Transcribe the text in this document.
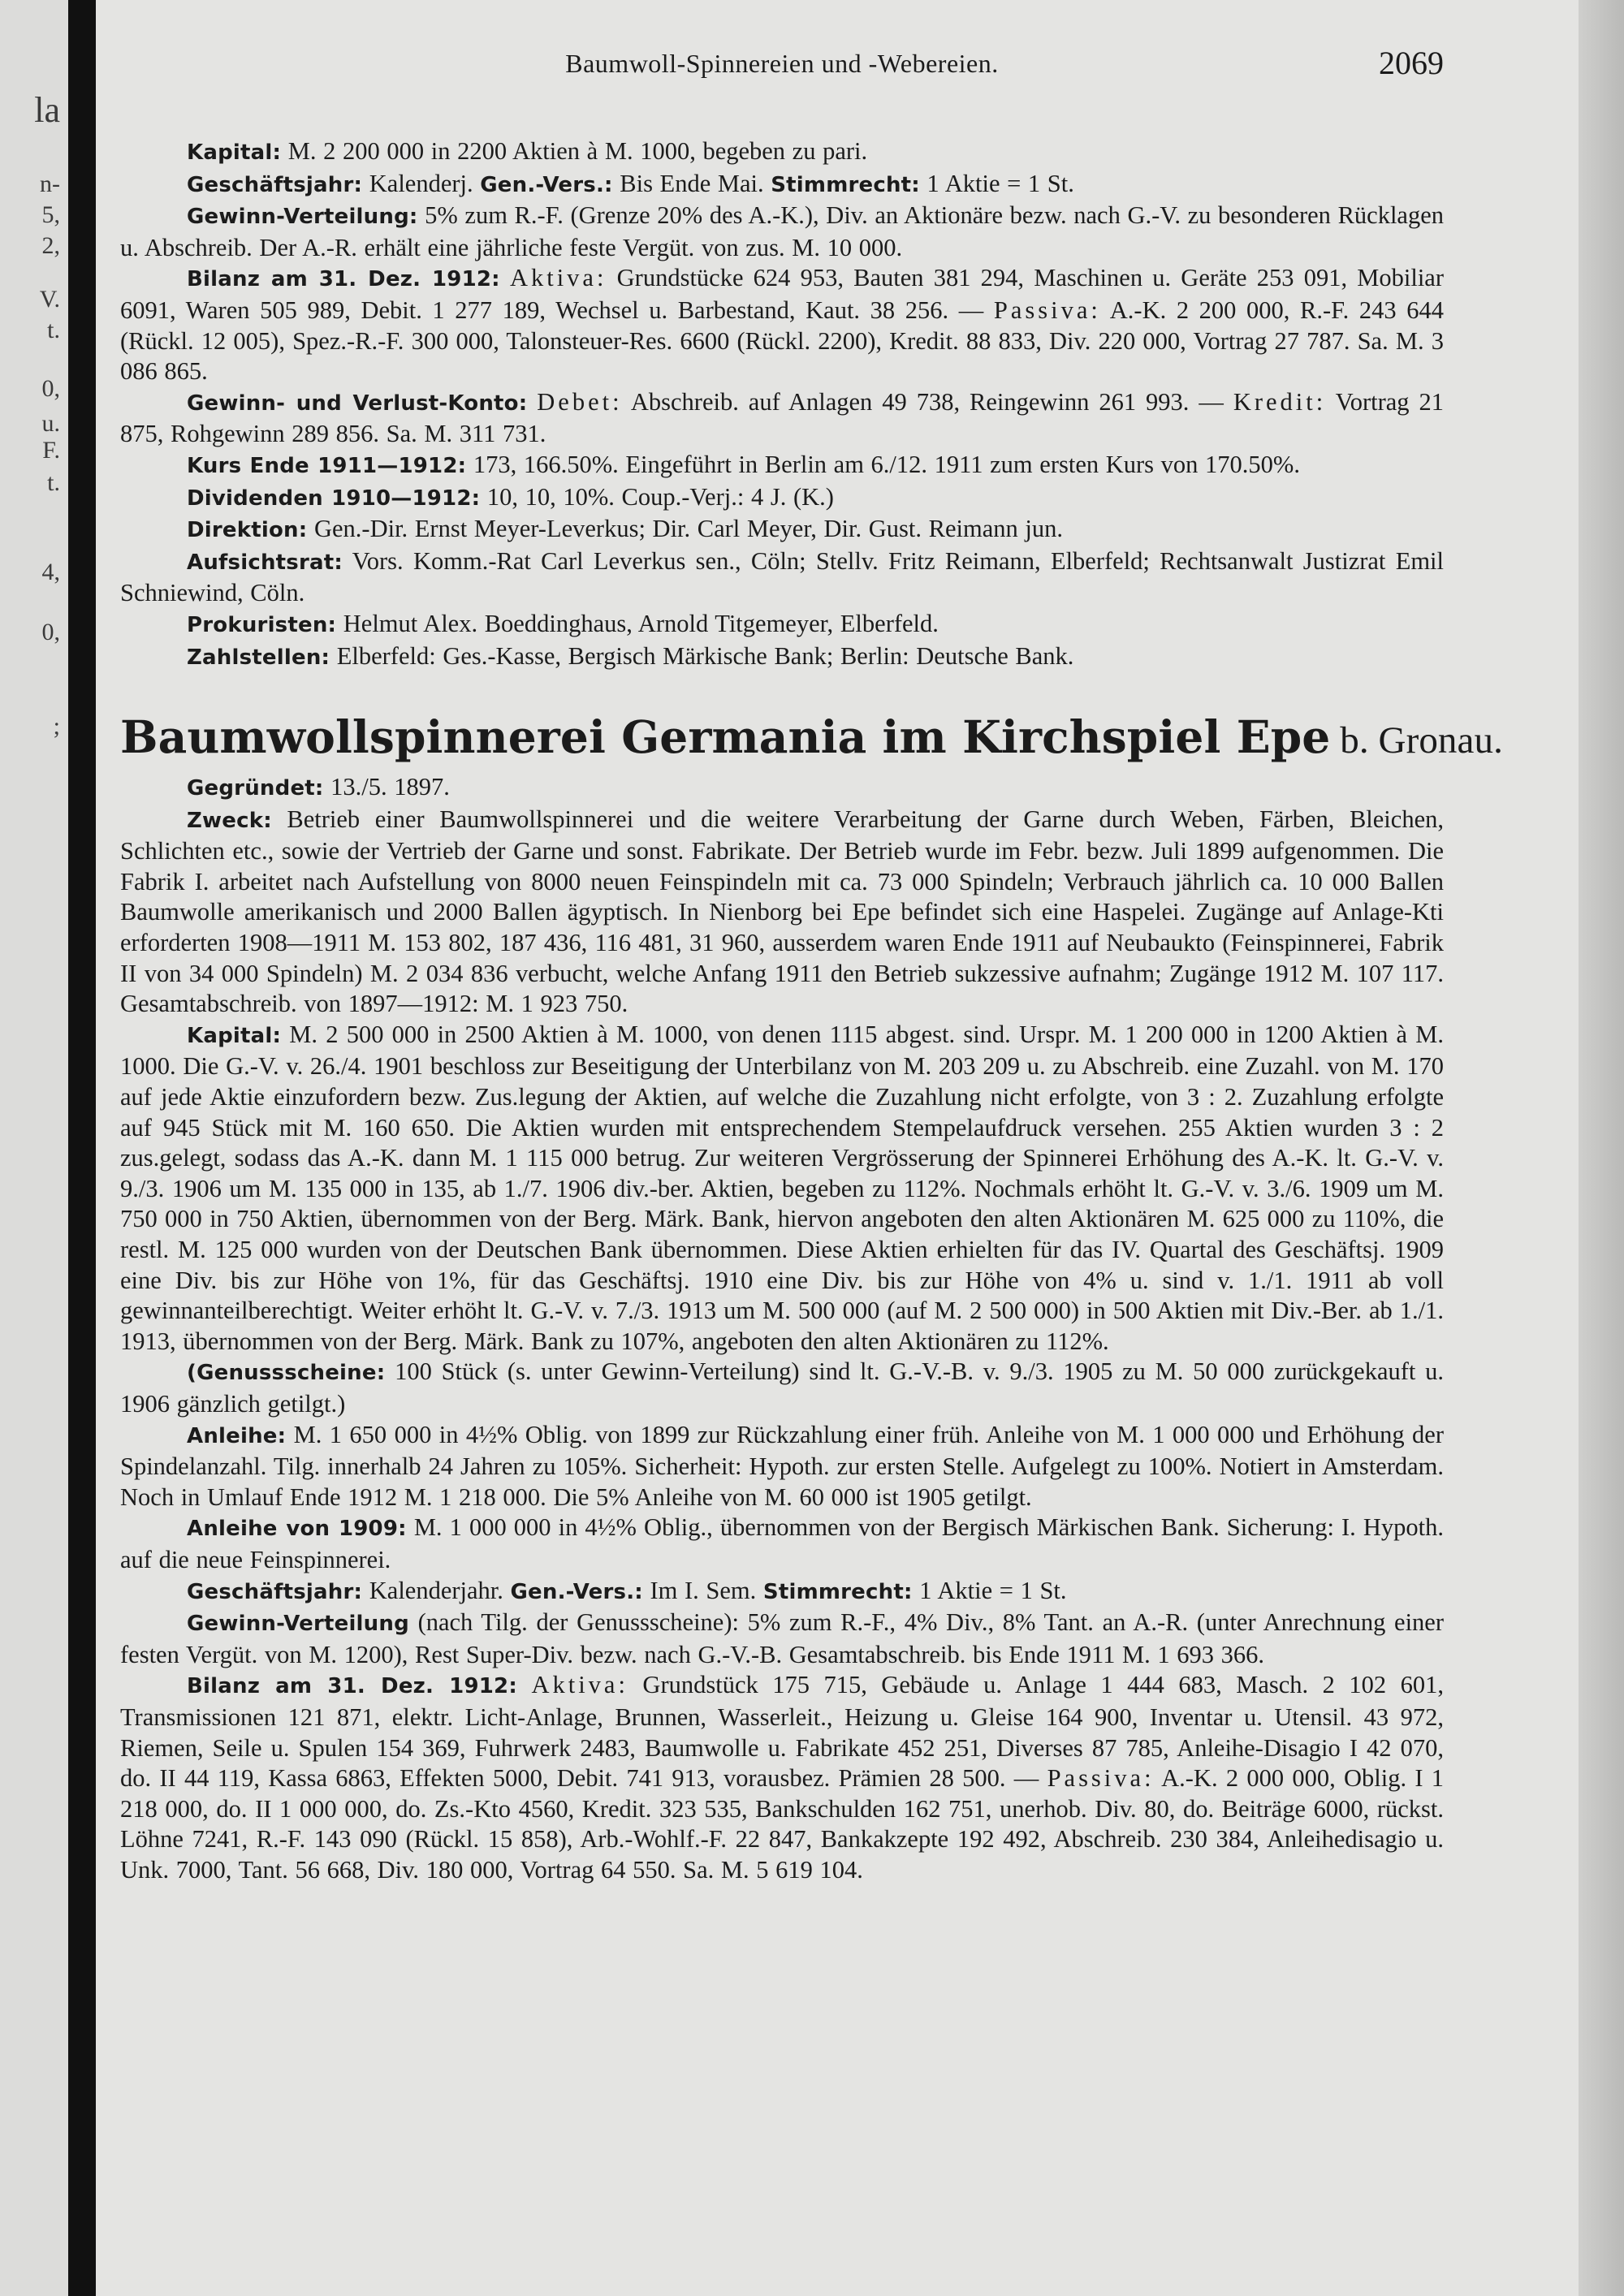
la
n-
5,
2,
V.
t.
0,
u.
F.
t.
4,
0,
;
Baumwoll-Spinnereien und -Webereien.	2069

Kapital: M. 2 200 000 in 2200 Aktien à M. 1000, begeben zu pari.

Geschäftsjahr: Kalenderj. Gen.-Vers.: Bis Ende Mai. Stimmrecht: 1 Aktie = 1 St.

Gewinn-Verteilung: 5% zum R.-F. (Grenze 20% des A.-K.), Div. an Aktionäre bezw. nach G.-V. zu besonderen Rücklagen u. Abschreib. Der A.-R. erhält eine jährliche feste Vergüt. von zus. M. 10 000.

Bilanz am 31. Dez. 1912: Aktiva: Grundstücke 624 953, Bauten 381 294, Maschinen u. Geräte 253 091, Mobiliar 6091, Waren 505 989, Debit. 1 277 189, Wechsel u. Barbestand, Kaut. 38 256. — Passiva: A.-K. 2 200 000, R.-F. 243 644 (Rückl. 12 005), Spez.-R.-F. 300 000, Talonsteuer-Res. 6600 (Rückl. 2200), Kredit. 88 833, Div. 220 000, Vortrag 27 787. Sa. M. 3 086 865.

Gewinn- und Verlust-Konto: Debet: Abschreib. auf Anlagen 49 738, Reingewinn 261 993. — Kredit: Vortrag 21 875, Rohgewinn 289 856. Sa. M. 311 731.

Kurs Ende 1911—1912: 173, 166.50%. Eingeführt in Berlin am 6./12. 1911 zum ersten Kurs von 170.50%.

Dividenden 1910—1912: 10, 10, 10%. Coup.-Verj.: 4 J. (K.)

Direktion: Gen.-Dir. Ernst Meyer-Leverkus; Dir. Carl Meyer, Dir. Gust. Reimann jun.

Aufsichtsrat: Vors. Komm.-Rat Carl Leverkus sen., Cöln; Stellv. Fritz Reimann, Elberfeld; Rechtsanwalt Justizrat Emil Schniewind, Cöln.

Prokuristen: Helmut Alex. Boeddinghaus, Arnold Titgemeyer, Elberfeld.

Zahlstellen: Elberfeld: Ges.-Kasse, Bergisch Märkische Bank; Berlin: Deutsche Bank.

Baumwollspinnerei Germania im Kirchspiel Epe b. Gronau.

Gegründet: 13./5. 1897.

Zweck: Betrieb einer Baumwollspinnerei und die weitere Verarbeitung der Garne durch Weben, Färben, Bleichen, Schlichten etc., sowie der Vertrieb der Garne und sonst. Fabrikate. Der Betrieb wurde im Febr. bezw. Juli 1899 aufgenommen. Die Fabrik I. arbeitet nach Aufstellung von 8000 neuen Feinspindeln mit ca. 73 000 Spindeln; Verbrauch jährlich ca. 10 000 Ballen Baumwolle amerikanisch und 2000 Ballen ägyptisch. In Nienborg bei Epe befindet sich eine Haspelei. Zugänge auf Anlage-Kti erforderten 1908—1911 M. 153 802, 187 436, 116 481, 31 960, ausserdem waren Ende 1911 auf Neubaukto (Feinspinnerei, Fabrik II von 34 000 Spindeln) M. 2 034 836 verbucht, welche Anfang 1911 den Betrieb sukzessive aufnahm; Zugänge 1912 M. 107 117. Gesamtabschreib. von 1897—1912: M. 1 923 750.

Kapital: M. 2 500 000 in 2500 Aktien à M. 1000, von denen 1115 abgest. sind. Urspr. M. 1 200 000 in 1200 Aktien à M. 1000. Die G.-V. v. 26./4. 1901 beschloss zur Beseitigung der Unterbilanz von M. 203 209 u. zu Abschreib. eine Zuzahl. von M. 170 auf jede Aktie einzufordern bezw. Zus.legung der Aktien, auf welche die Zuzahlung nicht erfolgte, von 3 : 2. Zuzahlung erfolgte auf 945 Stück mit M. 160 650. Die Aktien wurden mit entsprechendem Stempelaufdruck versehen. 255 Aktien wurden 3 : 2 zus.gelegt, sodass das A.-K. dann M. 1 115 000 betrug. Zur weiteren Vergrösserung der Spinnerei Erhöhung des A.-K. lt. G.-V. v. 9./3. 1906 um M. 135 000 in 135, ab 1./7. 1906 div.-ber. Aktien, begeben zu 112%. Nochmals erhöht lt. G.-V. v. 3./6. 1909 um M. 750 000 in 750 Aktien, übernommen von der Berg. Märk. Bank, hiervon angeboten den alten Aktionären M. 625 000 zu 110%, die restl. M. 125 000 wurden von der Deutschen Bank übernommen. Diese Aktien erhielten für das IV. Quartal des Geschäftsj. 1909 eine Div. bis zur Höhe von 1%, für das Geschäftsj. 1910 eine Div. bis zur Höhe von 4% u. sind v. 1./1. 1911 ab voll gewinnanteilberechtigt. Weiter erhöht lt. G.-V. v. 7./3. 1913 um M. 500 000 (auf M. 2 500 000) in 500 Aktien mit Div.-Ber. ab 1./1. 1913, übernommen von der Berg. Märk. Bank zu 107%, angeboten den alten Aktionären zu 112%.

(Genussscheine: 100 Stück (s. unter Gewinn-Verteilung) sind lt. G.-V.-B. v. 9./3. 1905 zu M. 50 000 zurückgekauft u. 1906 gänzlich getilgt.)

Anleihe: M. 1 650 000 in 4½% Oblig. von 1899 zur Rückzahlung einer früh. Anleihe von M. 1 000 000 und Erhöhung der Spindelanzahl. Tilg. innerhalb 24 Jahren zu 105%. Sicherheit: Hypoth. zur ersten Stelle. Aufgelegt zu 100%. Notiert in Amsterdam. Noch in Umlauf Ende 1912 M. 1 218 000. Die 5% Anleihe von M. 60 000 ist 1905 getilgt.

Anleihe von 1909: M. 1 000 000 in 4½% Oblig., übernommen von der Bergisch Märkischen Bank. Sicherung: I. Hypoth. auf die neue Feinspinnerei.

Geschäftsjahr: Kalenderjahr. Gen.-Vers.: Im I. Sem. Stimmrecht: 1 Aktie = 1 St.

Gewinn-Verteilung (nach Tilg. der Genussscheine): 5% zum R.-F., 4% Div., 8% Tant. an A.-R. (unter Anrechnung einer festen Vergüt. von M. 1200), Rest Super-Div. bezw. nach G.-V.-B. Gesamtabschreib. bis Ende 1911 M. 1 693 366.

Bilanz am 31. Dez. 1912: Aktiva: Grundstück 175 715, Gebäude u. Anlage 1 444 683, Masch. 2 102 601, Transmissionen 121 871, elektr. Licht-Anlage, Brunnen, Wasserleit., Heizung u. Gleise 164 900, Inventar u. Utensil. 43 972, Riemen, Seile u. Spulen 154 369, Fuhrwerk 2483, Baumwolle u. Fabrikate 452 251, Diverses 87 785, Anleihe-Disagio I 42 070, do. II 44 119, Kassa 6863, Effekten 5000, Debit. 741 913, vorausbez. Prämien 28 500. — Passiva: A.-K. 2 000 000, Oblig. I 1 218 000, do. II 1 000 000, do. Zs.-Kto 4560, Kredit. 323 535, Bankschulden 162 751, unerhob. Div. 80, do. Beiträge 6000, rückst. Löhne 7241, R.-F. 143 090 (Rückl. 15 858), Arb.-Wohlf.-F. 22 847, Bankakzepte 192 492, Abschreib. 230 384, Anleihedisagio u. Unk. 7000, Tant. 56 668, Div. 180 000, Vortrag 64 550. Sa. M. 5 619 104.
